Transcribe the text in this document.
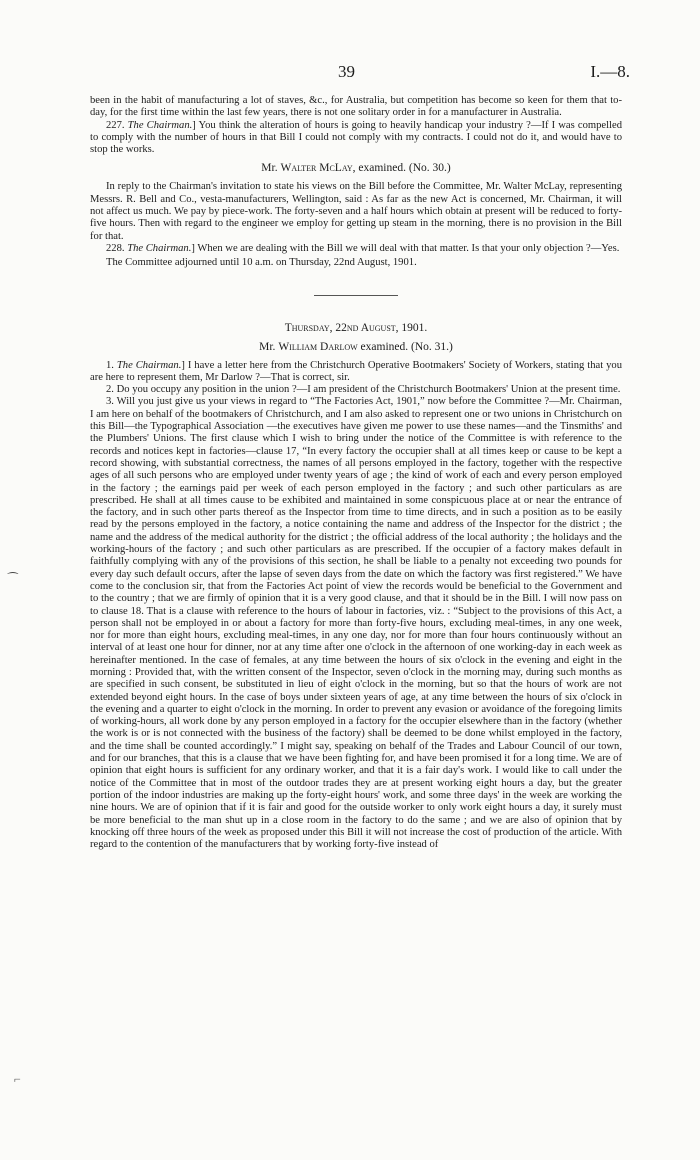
39	I.—8.
⁀
⌐

been in the habit of manufacturing a lot of staves, &c., for Australia, but competition has become so keen for them that to-day, for the first time within the last few years, there is not one solitary order in for a manufacturer in Australia.

227. The Chairman.] You think the alteration of hours is going to heavily handicap your industry ?—If I was compelled to comply with the number of hours in that Bill I could not comply with my contracts. I could not do it, and would have to stop the works.

Mr. Walter McLay, examined. (No. 30.)

In reply to the Chairman's invitation to state his views on the Bill before the Committee, Mr. Walter McLay, representing Messrs. R. Bell and Co., vesta-manufacturers, Wellington, said : As far as the new Act is concerned, Mr. Chairman, it will not affect us much. We pay by piece-work. The forty-seven and a half hours which obtain at present will be reduced to forty-five hours. Then with regard to the engineer we employ for getting up steam in the morning, there is no provision in the Bill for that.

228. The Chairman.] When we are dealing with the Bill we will deal with that matter. Is that your only objection ?—Yes.

The Committee adjourned until 10 a.m. on Thursday, 22nd August, 1901.

Thursday, 22nd August, 1901.
Mr. William Darlow examined. (No. 31.)

1. The Chairman.] I have a letter here from the Christchurch Operative Bootmakers' Society of Workers, stating that you are here to represent them, Mr Darlow ?—That is correct, sir.

2. Do you occupy any position in the union ?—I am president of the Christchurch Bootmakers' Union at the present time.

3. Will you just give us your views in regard to “The Factories Act, 1901,” now before the Committee ?—Mr. Chairman, I am here on behalf of the bootmakers of Christchurch, and I am also asked to represent one or two unions in Christchurch on this Bill—the Typographical Association —the executives have given me power to use these names—and the Tinsmiths' and the Plumbers' Unions. The first clause which I wish to bring under the notice of the Committee is with reference to the records and notices kept in factories—clause 17, “In every factory the occupier shall at all times keep or cause to be kept a record showing, with substantial correctness, the names of all persons employed in the factory, together with the respective ages of all such persons who are employed under twenty years of age ; the kind of work of each and every person employed in the factory ; the earnings paid per week of each person employed in the factory ; and such other particulars as are prescribed. He shall at all times cause to be exhibited and maintained in some conspicuous place at or near the entrance of the factory, and in such other parts thereof as the Inspector from time to time directs, and in such a position as to be easily read by the persons employed in the factory, a notice containing the name and address of the Inspector for the district ; the name and the address of the medical authority for the district ; the official address of the local authority ; the holidays and the working-hours of the factory ; and such other particulars as are prescribed. If the occupier of a factory makes default in faithfully complying with any of the provisions of this section, he shall be liable to a penalty not exceeding two pounds for every day such default occurs, after the lapse of seven days from the date on which the factory was first registered.” We have come to the conclusion sir, that from the Factories Act point of view the records would be beneficial to the Government and to the country ; that we are firmly of opinion that it is a very good clause, and that it should be in the Bill. I will now pass on to clause 18. That is a clause with reference to the hours of labour in factories, viz. : “Subject to the provisions of this Act, a person shall not be employed in or about a factory for more than forty-five hours, excluding meal-times, in any one week, nor for more than eight hours, excluding meal-times, in any one day, nor for more than four hours continuously without an interval of at least one hour for dinner, nor at any time after one o'clock in the afternoon of one working-day in each week as hereinafter mentioned. In the case of females, at any time between the hours of six o'clock in the evening and eight in the morning : Provided that, with the written consent of the Inspector, seven o'clock in the morning may, during such months as are specified in such consent, be substituted in lieu of eight o'clock in the morning, but so that the hours of work are not extended beyond eight hours. In the case of boys under sixteen years of age, at any time between the hours of six o'clock in the evening and a quarter to eight o'clock in the morning. In order to prevent any evasion or avoidance of the foregoing limits of working-hours, all work done by any person employed in a factory for the occupier elsewhere than in the factory (whether the work is or is not connected with the business of the factory) shall be deemed to be done whilst employed in the factory, and the time shall be counted accordingly.” I might say, speaking on behalf of the Trades and Labour Council of our town, and for our branches, that this is a clause that we have been fighting for, and have been promised it for a long time. We are of opinion that eight hours is sufficient for any ordinary worker, and that it is a fair day's work. I would like to call under the notice of the Committee that in most of the outdoor trades they are at present working eight hours a day, but the greater portion of the indoor industries are making up the forty-eight hours' work, and some three days' in the week are working the nine hours. We are of opinion that if it is fair and good for the outside worker to only work eight hours a day, it surely must be more beneficial to the man shut up in a close room in the factory to do the same ; and we are also of opinion that by knocking off three hours of the week as proposed under this Bill it will not increase the cost of production of the article. With regard to the contention of the manufacturers that by working forty-five instead of
